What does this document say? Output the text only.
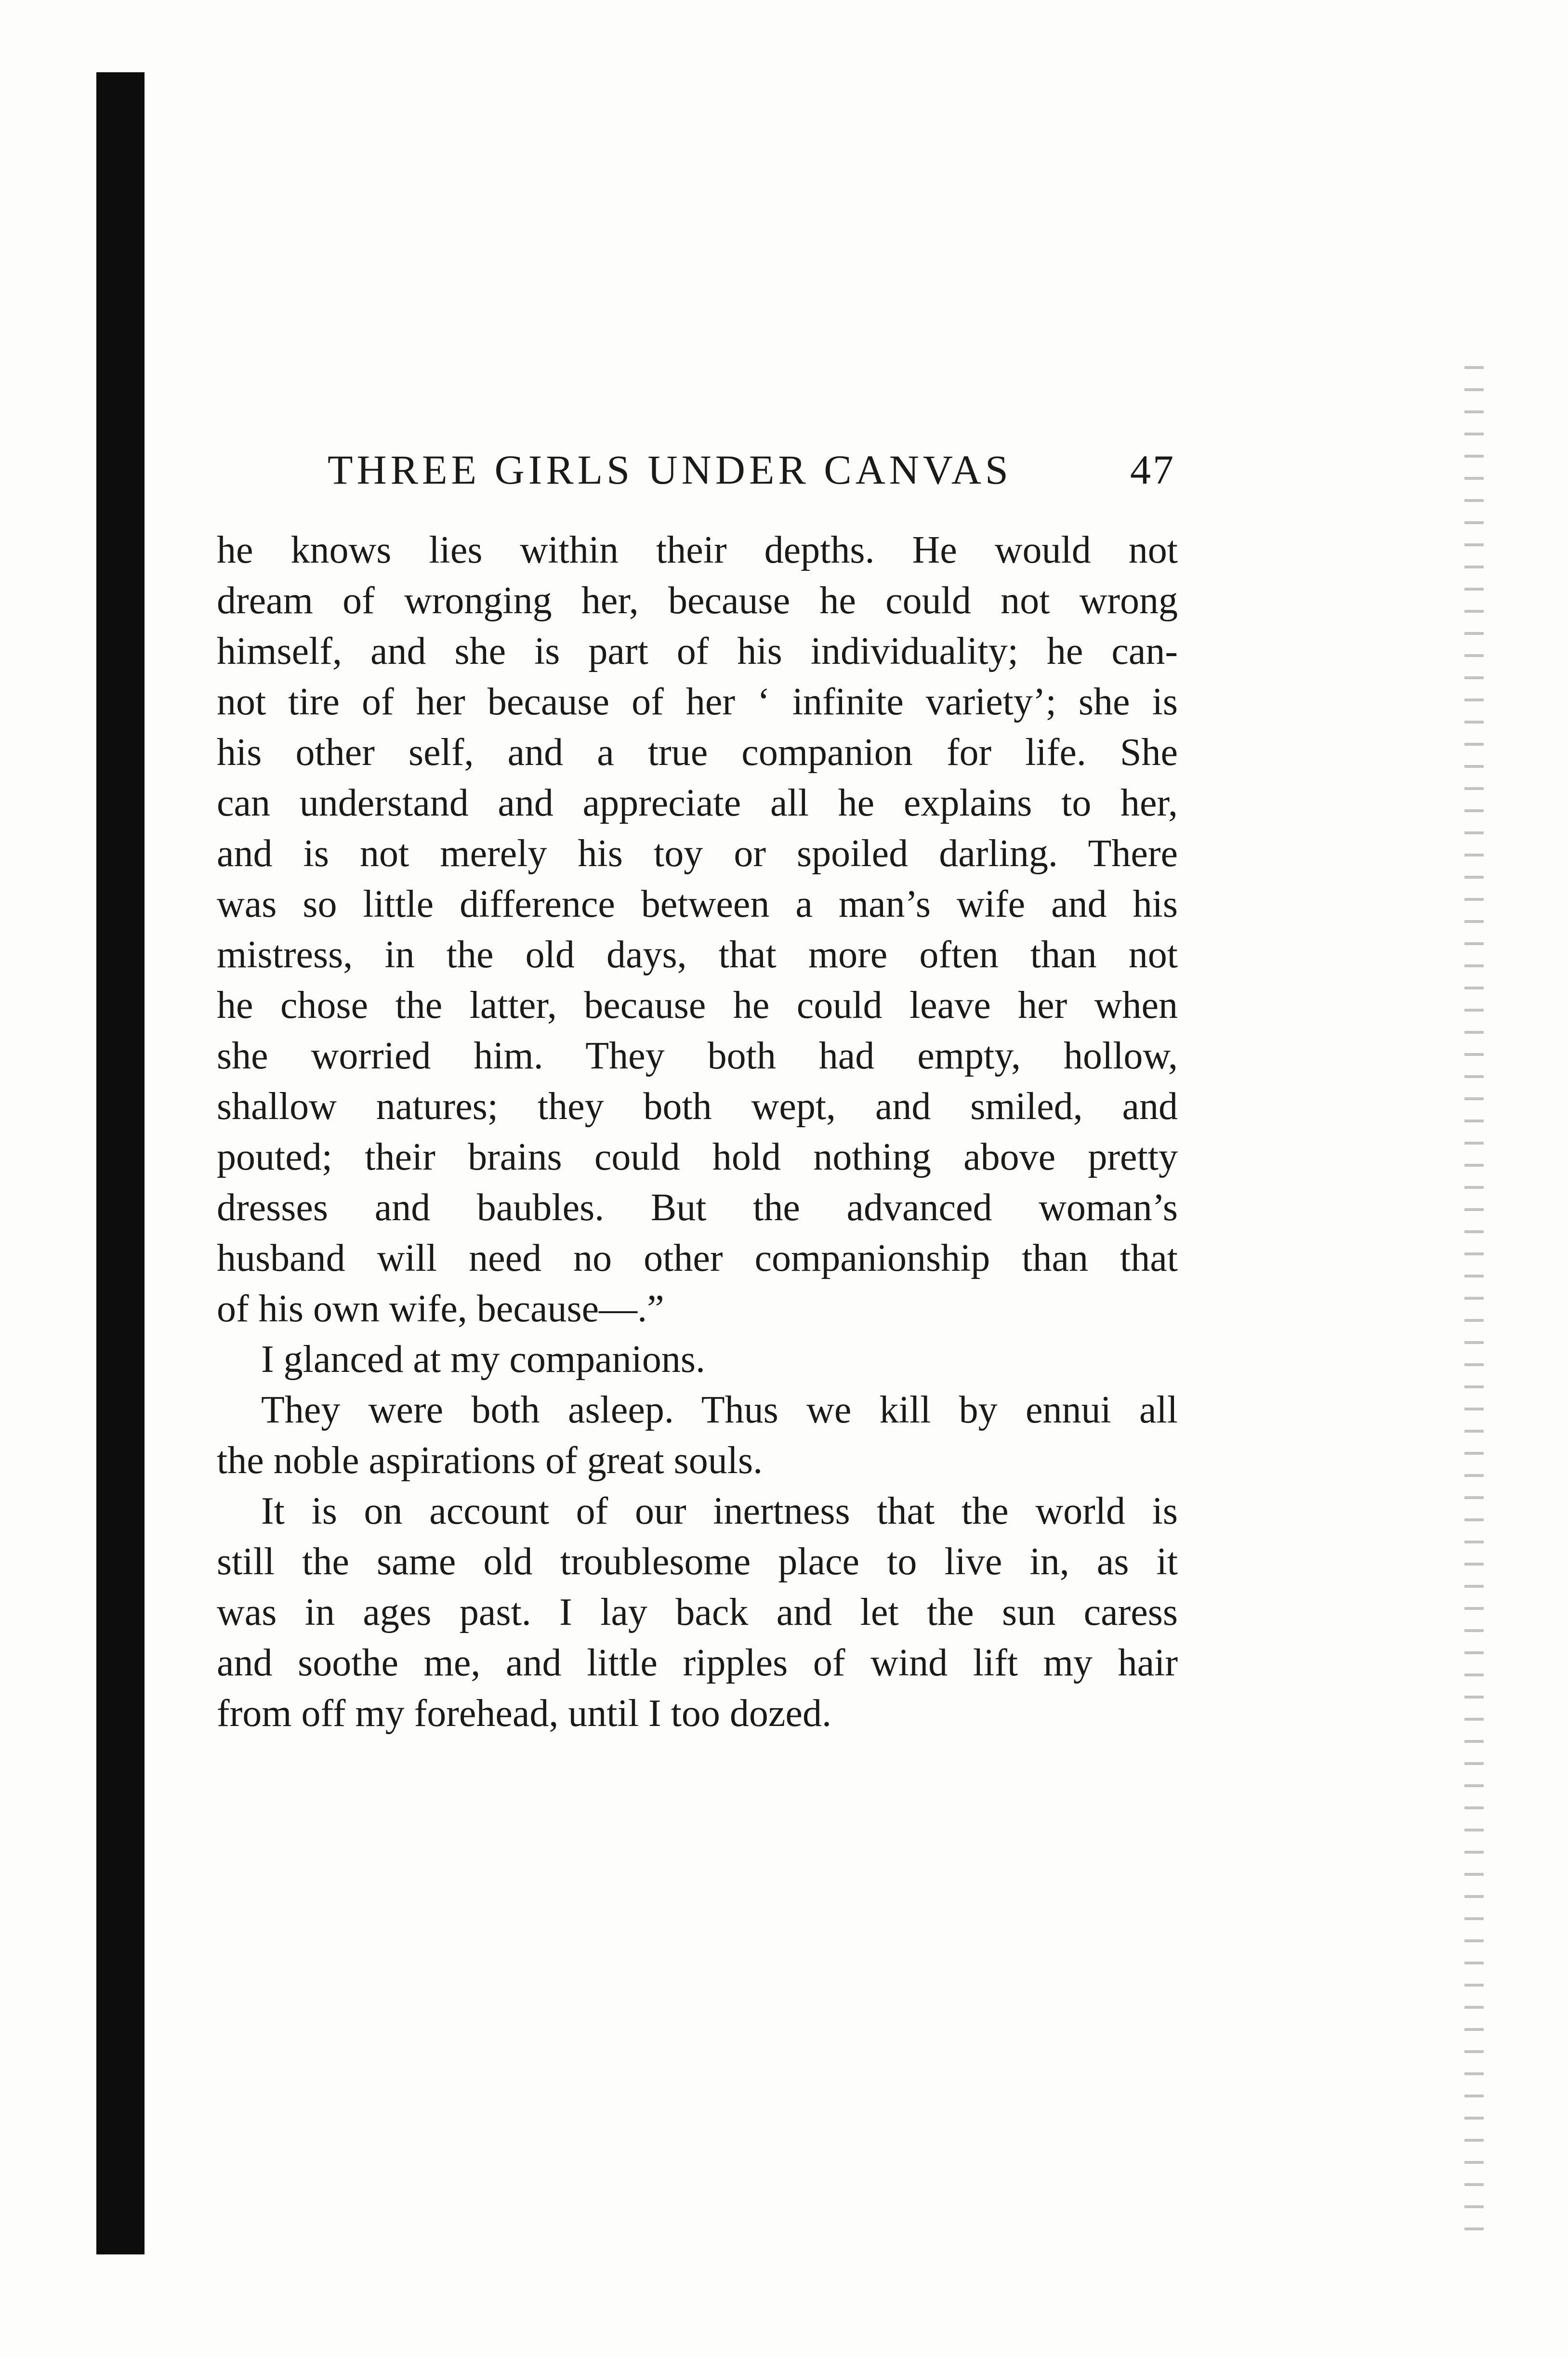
THREE GIRLS UNDER CANVAS	47
he knows lies within their depths. He would not
dream of wronging her, because he could not wrong
himself, and she is part of his individuality; he can-
not tire of her because of her ‘ infinite variety’; she is
his other self, and a true companion for life. She
can understand and appreciate all he explains to her,
and is not merely his toy or spoiled darling. There
was so little difference between a man’s wife and his
mistress, in the old days, that more often than not
he chose the latter, because he could leave her when
she worried him. They both had empty, hollow,
shallow natures; they both wept, and smiled, and
pouted; their brains could hold nothing above pretty
dresses and baubles. But the advanced woman’s
husband will need no other companionship than that
of his own wife, because—.”
I glanced at my companions.
They were both asleep. Thus we kill by ennui all
the noble aspirations of great souls.
It is on account of our inertness that the world is
still the same old troublesome place to live in, as it
was in ages past. I lay back and let the sun caress
and soothe me, and little ripples of wind lift my hair
from off my forehead, until I too dozed.
